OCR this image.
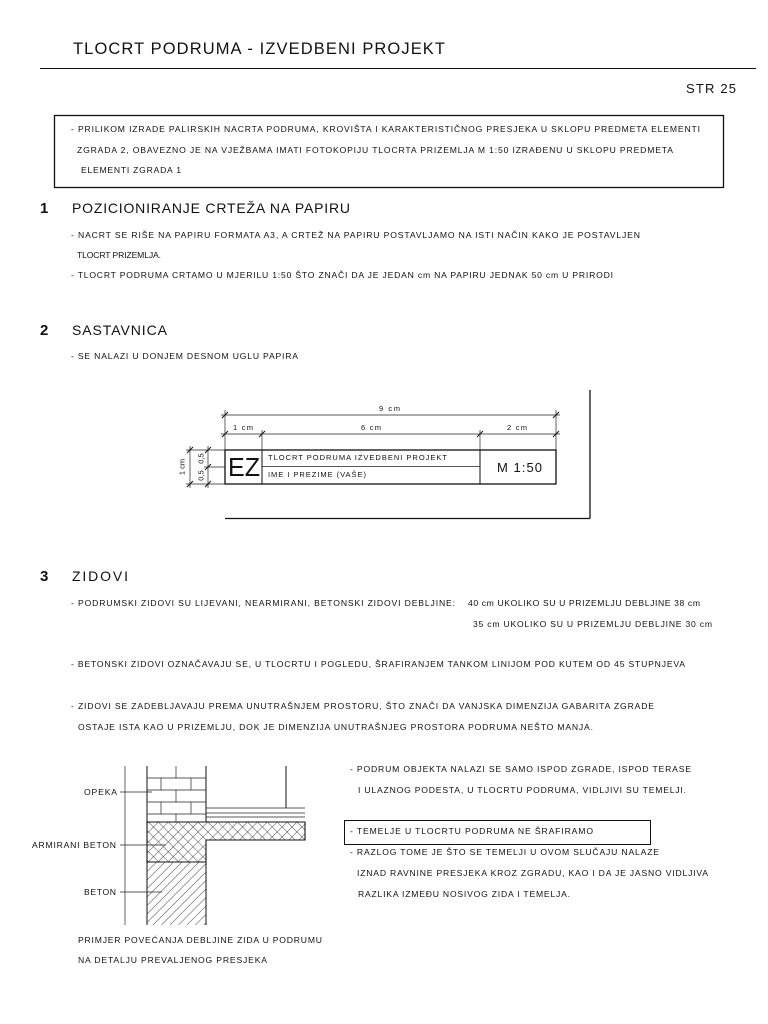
TLOCRT PODRUMA - IZVEDBENI PROJEKT
STR 25
- PRILIKOM IZRADE PALIRSKIH NACRTA PODRUMA, KROVIŠTA I KARAKTERISTIČNOG PRESJEKA U SKLOPU PREDMETA ELEMENTI
ZGRADA 2, OBAVEZNO JE NA VJEŽBAMA IMATI FOTOKOPIJU TLOCRTA PRIZEMLJA M 1:50 IZRAĐENU U SKLOPU PREDMETA
ELEMENTI ZGRADA 1
1 POZICIONIRANJE CRTEŽA NA PAPIRU
- NACRT SE RIŠE NA PAPIRU FORMATA A3, A CRTEŽ NA PAPIRU POSTAVLJAMO NA ISTI NAČIN KAKO JE POSTAVLJEN
TLOCRT PRIZEMLJA.
- TLOCRT PODRUMA CRTAMO U MJERILU 1:50 ŠTO ZNAČI DA JE JEDAN cm NA PAPIRU JEDNAK 50 cm U PRIRODI
2 SASTAVNICA
- SE NALAZI U DONJEM DESNOM UGLU PAPIRA
9 cm
1 cm	6 cm	2 cm
1 cm
0,5
0,5 EZ TLOCRT PODRUMA IZVEDBENI PROJEKT
IME I PREZIME (VAŠE)	M 1:50
3 ZIDOVI
- PODRUMSKI ZIDOVI SU LIJEVANI, NEARMIRANI, BETONSKI ZIDOVI DEBLJINE: 40 cm UKOLIKO SU U PRIZEMLJU DEBLJINE 38 cm
35 cm UKOLIKO SU U PRIZEMLJU DEBLJINE 30 cm
- BETONSKI ZIDOVI OZNAČAVAJU SE, U TLOCRTU I POGLEDU, ŠRAFIRANJEM TANKOM LINIJOM POD KUTEM OD 45 STUPNJEVA
- ZIDOVI SE ZADEBLJAVAJU PREMA UNUTRAŠNJEM PROSTORU, ŠTO ZNAČI DA VANJSKA DIMENZIJA GABARITA ZGRADE
OSTAJE ISTA KAO U PRIZEMLJU, DOK JE DIMENZIJA UNUTRAŠNJEG PROSTORA PODRUMA NEŠTO MANJA.
OPEKA
ARMIRANI BETON
BETON
PRIMJER POVEĆANJA DEBLJINE ZIDA U PODRUMU
NA DETALJU PREVALJENOG PRESJEKA
- PODRUM OBJEKTA NALAZI SE SAMO ISPOD ZGRADE, ISPOD TERASE
I ULAZNOG PODESTA, U TLOCRTU PODRUMA, VIDLJIVI SU TEMELJI.
- TEMELJE U TLOCRTU PODRUMA NE ŠRAFIRAMO
- RAZLOG TOME JE ŠTO SE TEMELJI U OVOM SLUČAJU NALAZE
IZNAD RAVNINE PRESJEKA KROZ ZGRADU, KAO I DA JE JASNO VIDLJIVA
RAZLIKA IZMEĐU NOSIVOG ZIDA I TEMELJA.
